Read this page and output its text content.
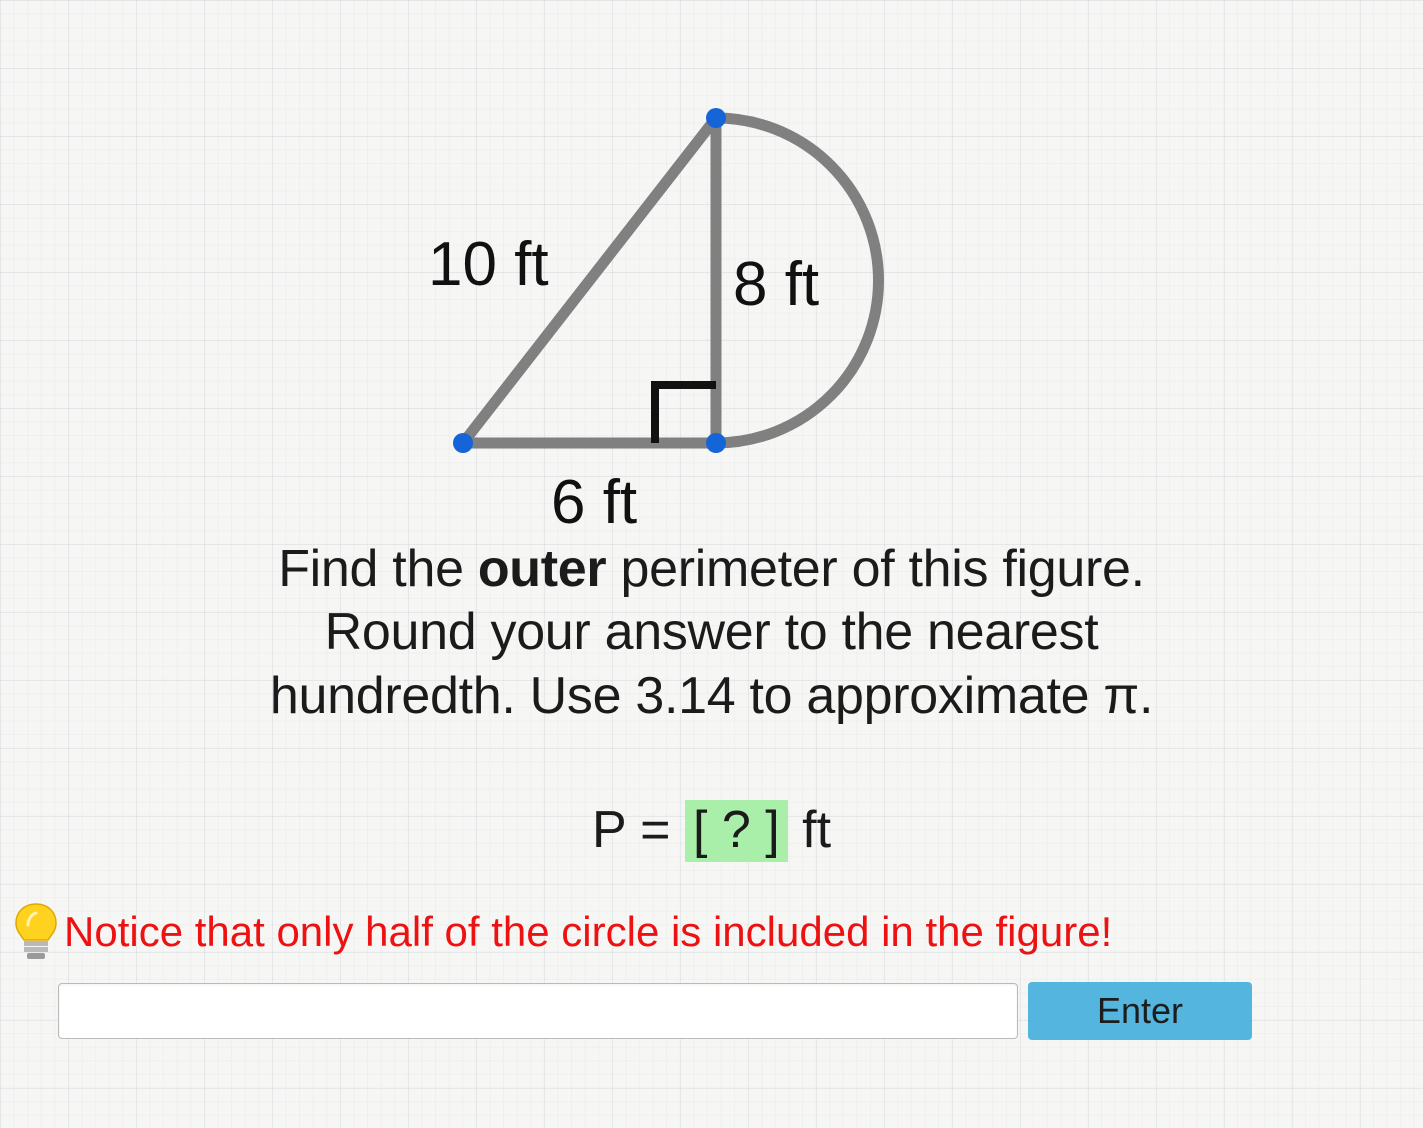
10 ft	8 ft
6 ft
Find the outer perimeter of this figure.
Round your answer to the nearest
hundredth. Use 3.14 to approximate π.
P = [ ? ] ft
Notice that only half of the circle is included in the figure!
Enter
